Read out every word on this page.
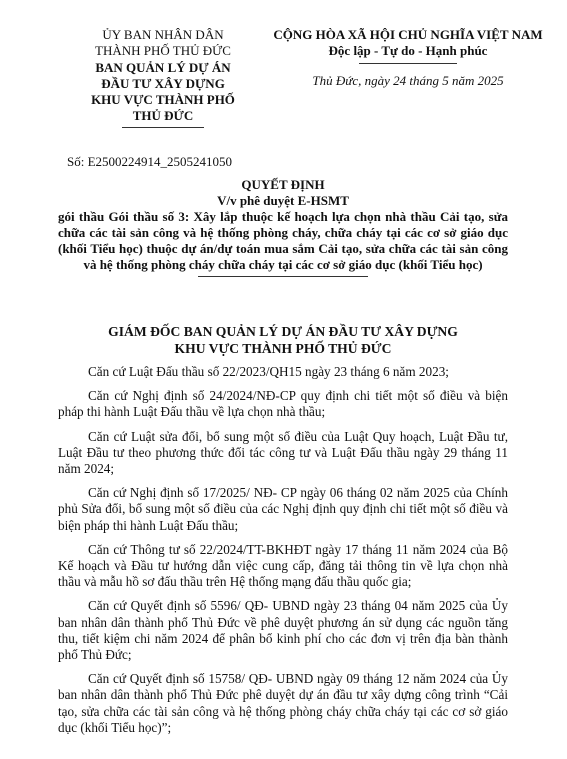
ỦY BAN NHÂN DÂN
THÀNH PHỐ THỦ ĐỨC
BAN QUẢN LÝ DỰ ÁN
ĐẦU TƯ XÂY DỰNG
KHU VỰC THÀNH PHỐ
THỦ ĐỨC
CỘNG HÒA XÃ HỘI CHỦ NGHĨA VIỆT NAM
Độc lập - Tự do - Hạnh phúc
Thủ Đức, ngày 24 tháng 5 năm 2025
Số: E2500224914_2505241050
QUYẾT ĐỊNH
V/v phê duyệt E-HSMT
gói thầu Gói thầu số 3: Xây lắp thuộc kế hoạch lựa chọn nhà thầu Cải tạo, sửa chữa các tài sản công và hệ thống phòng cháy, chữa cháy tại các cơ sở giáo dục (khối Tiểu học) thuộc dự án/dự toán mua sắm Cải tạo, sửa chữa các tài sản công và hệ thống phòng cháy chữa cháy tại các cơ sở giáo dục (khối Tiểu học)
GIÁM ĐỐC BAN QUẢN LÝ DỰ ÁN ĐẦU TƯ XÂY DỰNG
KHU VỰC THÀNH PHỐ THỦ ĐỨC

Căn cứ Luật Đấu thầu số 22/2023/QH15 ngày 23 tháng 6 năm 2023;

Căn cứ Nghị định số 24/2024/NĐ-CP quy định chi tiết một số điều và biện pháp thi hành Luật Đấu thầu về lựa chọn nhà thầu;

Căn cứ Luật sửa đổi, bổ sung một số điều của Luật Quy hoạch, Luật Đầu tư, Luật Đầu tư theo phương thức đối tác công tư và Luật Đấu thầu ngày 29 tháng 11 năm 2024;

Căn cứ Nghị định số 17/2025/ NĐ- CP ngày 06 tháng 02 năm 2025 của Chính phủ Sửa đổi, bổ sung một số điều của các Nghị định quy định chi tiết một số điều và biện pháp thi hành Luật Đấu thầu;

Căn cứ Thông tư số 22/2024/TT-BKHĐT ngày 17 tháng 11 năm 2024 của Bộ Kế hoạch và Đầu tư hướng dẫn việc cung cấp, đăng tải thông tin về lựa chọn nhà thầu và mẫu hồ sơ đấu thầu trên Hệ thống mạng đấu thầu quốc gia;

Căn cứ Quyết định số 5596/ QĐ- UBND ngày 23 tháng 04 năm 2025 của Ủy ban nhân dân thành phố Thủ Đức về phê duyệt phương án sử dụng các nguồn tăng thu, tiết kiệm chi năm 2024 để phân bổ kinh phí cho các đơn vị trên địa bàn thành phố Thủ Đức;

Căn cứ Quyết định số 15758/ QĐ- UBND ngày 09 tháng 12 năm 2024 của Ủy ban nhân dân thành phố Thủ Đức phê duyệt dự án đầu tư xây dựng công trình “Cải tạo, sửa chữa các tài sản công và hệ thống phòng cháy chữa cháy tại các cơ sở giáo dục (khối Tiểu học)”;
